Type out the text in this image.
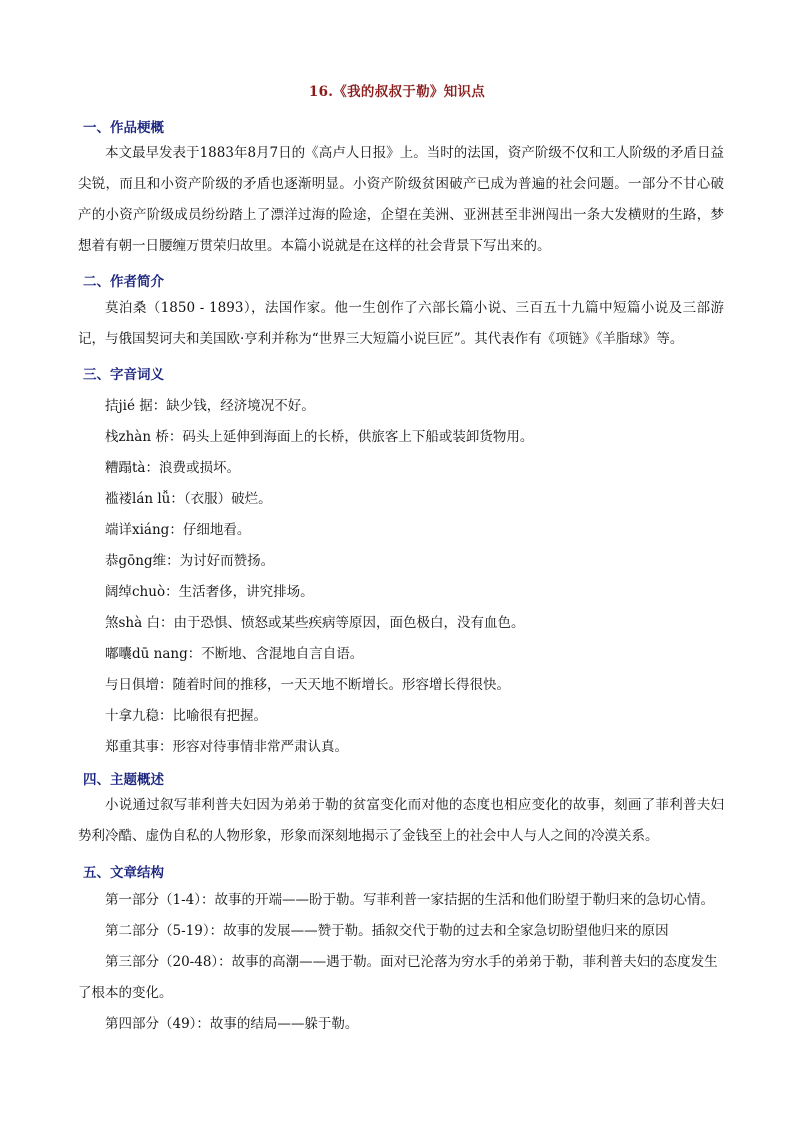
16.《我的叔叔于勒》知识点
一、作品梗概

本文最早发表于1883年8月7日的《高卢人日报》上。当时的法国，资产阶级不仅和工人阶级的矛盾日益尖锐，而且和小资产阶级的矛盾也逐渐明显。小资产阶级贫困破产已成为普遍的社会问题。一部分不甘心破产的小资产阶级成员纷纷踏上了漂洋过海的险途，企望在美洲、亚洲甚至非洲闯出一条大发横财的生路，梦想着有朝一日腰缠万贯荣归故里。本篇小说就是在这样的社会背景下写出来的。

二、作者简介

莫泊桑（1850 - 1893），法国作家。他一生创作了六部长篇小说、三百五十九篇中短篇小说及三部游记，与俄国契诃夫和美国欧·亨利并称为“世界三大短篇小说巨匠”。其代表作有《项链》《羊脂球》等。

三、字音词义

拮jié 据：缺少钱，经济境况不好。

栈zhàn 桥：码头上延伸到海面上的长桥，供旅客上下船或装卸货物用。

糟蹋tà：浪费或损坏。

褴褛lán lǚ：（衣服）破烂。

端详xiáng：仔细地看。

恭gōng维：为讨好而赞扬。

阔绰chuò：生活奢侈，讲究排场。

煞shà 白：由于恐惧、愤怒或某些疾病等原因，面色极白，没有血色。

嘟囔dū nang：不断地、含混地自言自语。

与日俱增：随着时间的推移，一天天地不断增长。形容增长得很快。

十拿九稳：比喻很有把握。

郑重其事：形容对待事情非常严肃认真。

四、主题概述

小说通过叙写菲利普夫妇因为弟弟于勒的贫富变化而对他的态度也相应变化的故事，刻画了菲利普夫妇势利冷酷、虚伪自私的人物形象，形象而深刻地揭示了金钱至上的社会中人与人之间的冷漠关系。

五、文章结构

第一部分（1-4）：故事的开端——盼于勒。写菲利普一家拮据的生活和他们盼望于勒归来的急切心情。

第二部分（5-19）：故事的发展——赞于勒。插叙交代于勒的过去和全家急切盼望他归来的原因

第三部分（20-48）：故事的高潮——遇于勒。面对已沦落为穷水手的弟弟于勒，菲利普夫妇的态度发生了根本的变化。

第四部分（49）：故事的结局——躲于勒。
